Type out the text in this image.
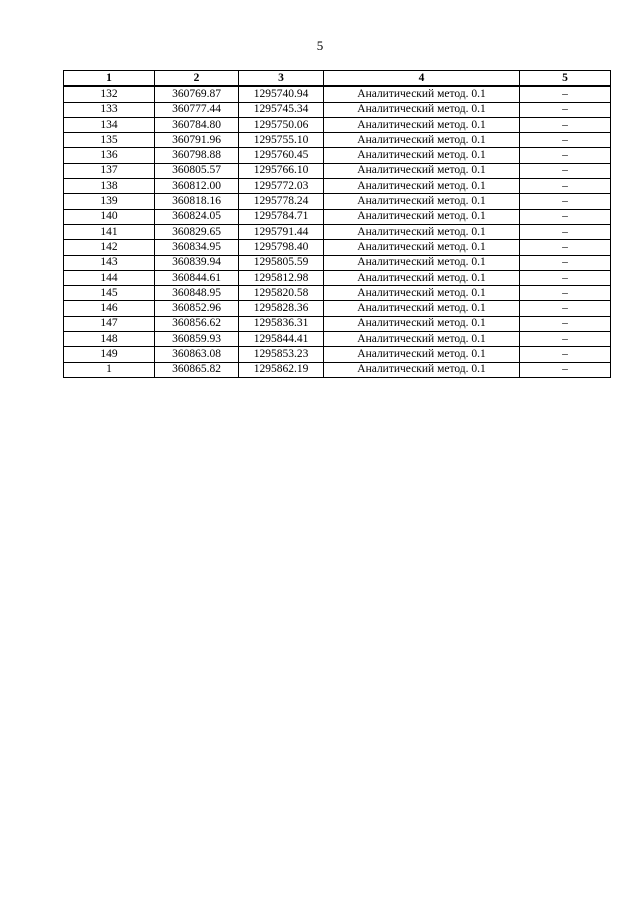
5
1	2	3	4	5
132	360769.87	1295740.94	Аналитический метод. 0.1	–
133	360777.44	1295745.34	Аналитический метод. 0.1	–
134	360784.80	1295750.06	Аналитический метод. 0.1	–
135	360791.96	1295755.10	Аналитический метод. 0.1	–
136	360798.88	1295760.45	Аналитический метод. 0.1	–
137	360805.57	1295766.10	Аналитический метод. 0.1	–
138	360812.00	1295772.03	Аналитический метод. 0.1	–
139	360818.16	1295778.24	Аналитический метод. 0.1	–
140	360824.05	1295784.71	Аналитический метод. 0.1	–
141	360829.65	1295791.44	Аналитический метод. 0.1	–
142	360834.95	1295798.40	Аналитический метод. 0.1	–
143	360839.94	1295805.59	Аналитический метод. 0.1	–
144	360844.61	1295812.98	Аналитический метод. 0.1	–
145	360848.95	1295820.58	Аналитический метод. 0.1	–
146	360852.96	1295828.36	Аналитический метод. 0.1	–
147	360856.62	1295836.31	Аналитический метод. 0.1	–
148	360859.93	1295844.41	Аналитический метод. 0.1	–
149	360863.08	1295853.23	Аналитический метод. 0.1	–
1	360865.82	1295862.19	Аналитический метод. 0.1	–
